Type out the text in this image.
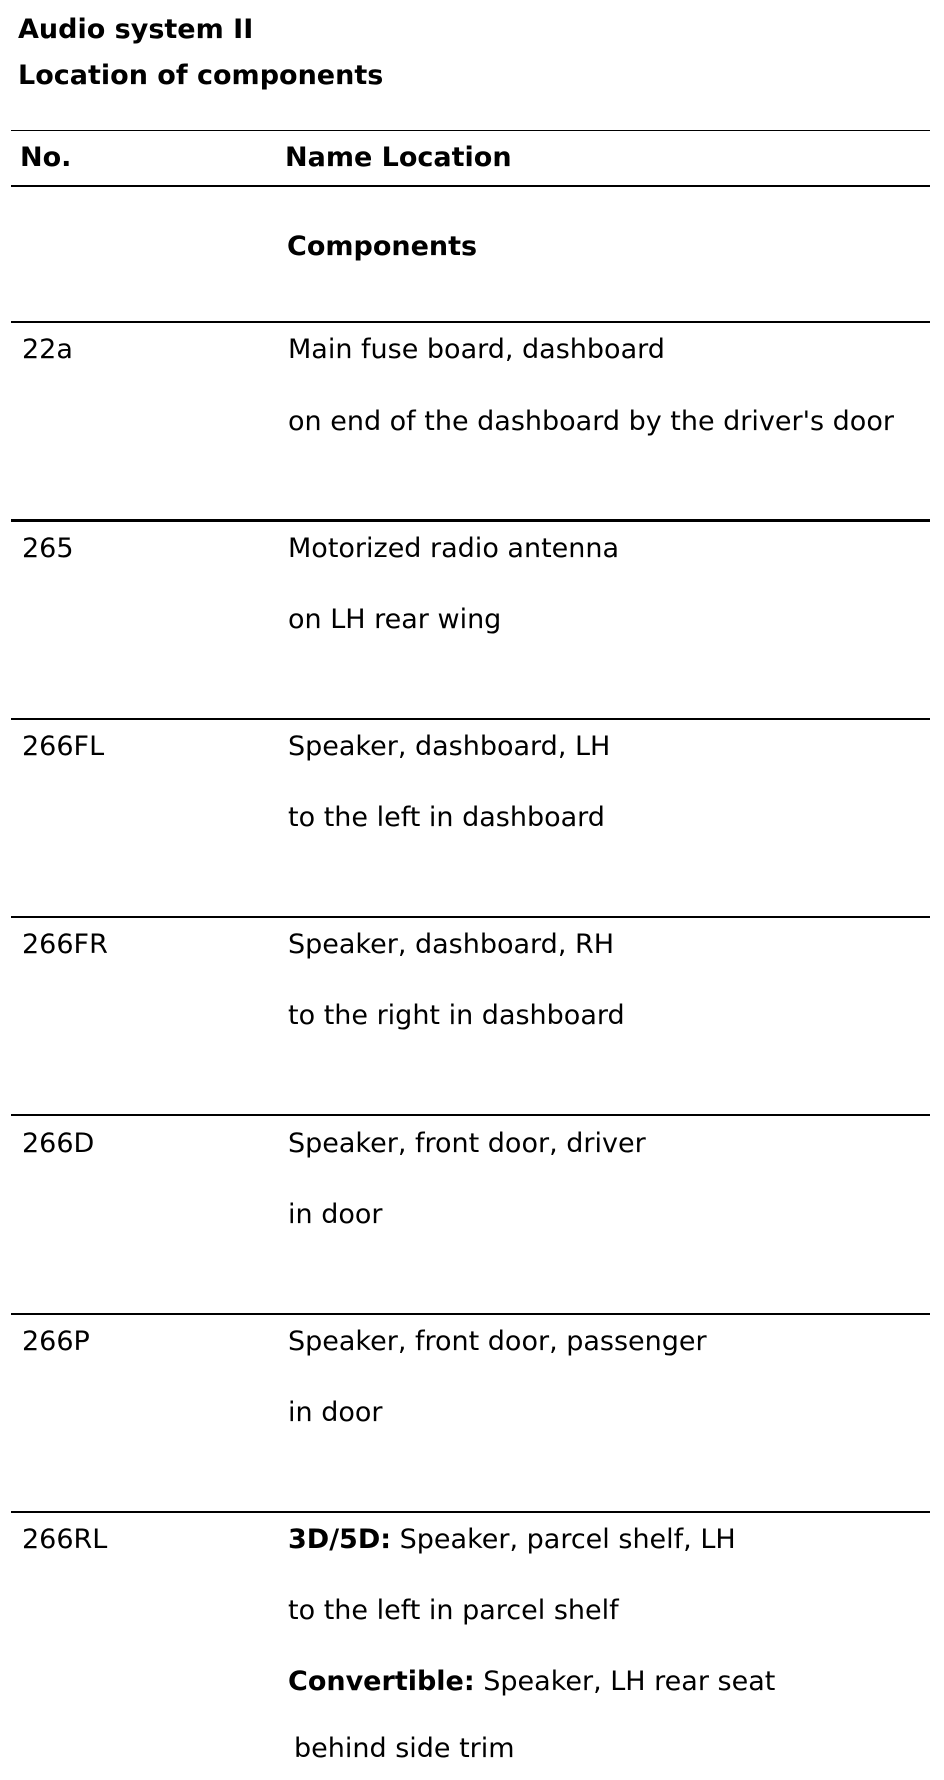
Audio system II
Location of components
No.	Name Location
Components
22a	Main fuse board, dashboard
on end of the dashboard by the driver's door
265	Motorized radio antenna
on LH rear wing
266FL	Speaker, dashboard, LH
to the left in dashboard
266FR	Speaker, dashboard, RH
to the right in dashboard
266D	Speaker, front door, driver
in door
266P	Speaker, front door, passenger
in door
266RL	3D/5D: Speaker, parcel shelf, LH
to the left in parcel shelf
Convertible: Speaker, LH rear seat
behind side trim
